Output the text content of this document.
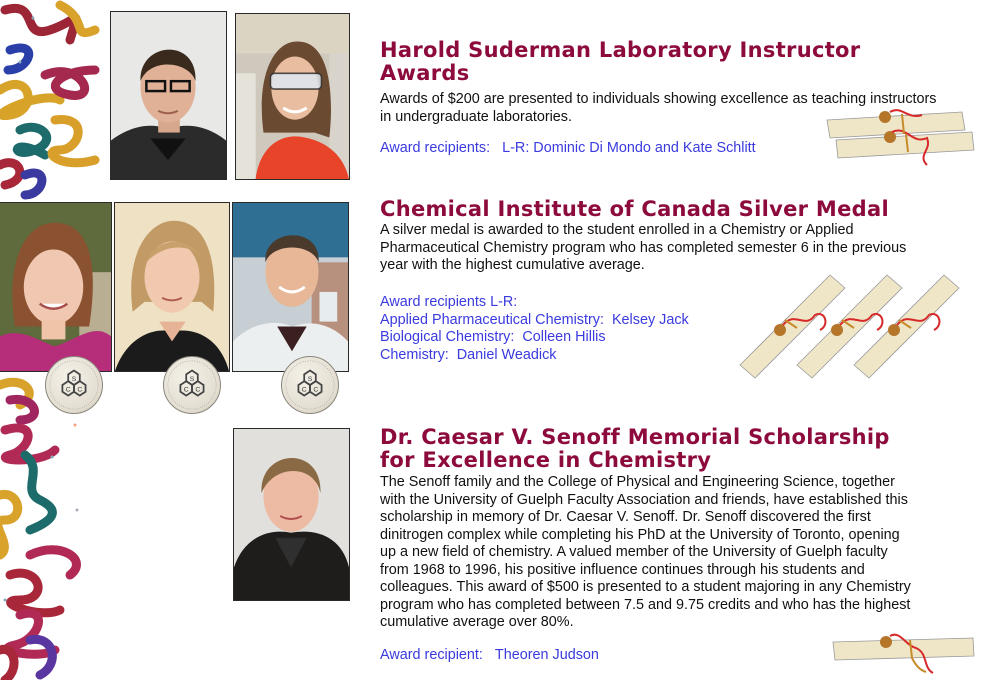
S
C C
S
C C
S
C C
Harold Suderman Laboratory Instructor
Awards
Awards of $200 are presented to individuals showing excellence as teaching instructors in undergraduate laboratories.
Award recipients: L-R: Dominic Di Mondo and Kate Schlitt
Chemical Institute of Canada Silver Medal
A silver medal is awarded to the student enrolled in a Chemistry or Applied
Pharmaceutical Chemistry program who has completed semester 6 in the previous
year with the highest cumulative average.
Award recipients L-R:
Applied Pharmaceutical Chemistry: Kelsey Jack
Biological Chemistry: Colleen Hillis
Chemistry: Daniel Weadick
Dr. Caesar V. Senoff Memorial Scholarship
for Excellence in Chemistry
The Senoff family and the College of Physical and Engineering Science, together
with the University of Guelph Faculty Association and friends, have established this
scholarship in memory of Dr. Caesar V. Senoff. Dr. Senoff discovered the first
dinitrogen complex while completing his PhD at the University of Toronto, opening
up a new field of chemistry. A valued member of the University of Guelph faculty
from 1968 to 1996, his positive influence continues through his students and
colleagues. This award of $500 is presented to a student majoring in any Chemistry
program who has completed between 7.5 and 9.75 credits and who has the highest
cumulative average over 80%.
Award recipient: Theoren Judson
